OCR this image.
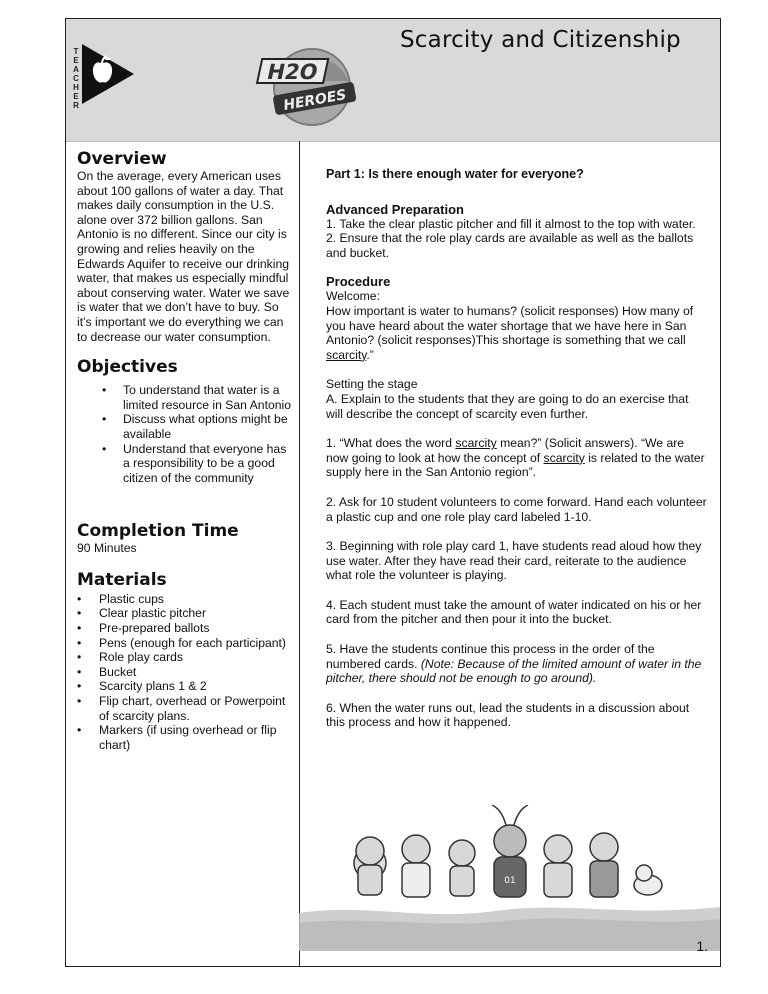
T
E
A
C
H
E
R
H2O
HEROES
Scarcity and Citizenship
Overview

On the average, every American uses about 100 gallons of water a day. That makes daily consumption in the U.S. alone over 372 billion gallons. San Antonio is no different. Since our city is growing and relies heavily on the Edwards Aquifer to receive our drinking water, that makes us especially mindful about conserving water. Water we save is water that we don’t have to buy. So it’s important we do everything we can to decrease our water consumption.

Objectives
• To understand that water is a limited resource in San Antonio
• Discuss what options might be available
• Understand that everyone has a responsibility to be a good citizen of the community
Completion Time

90 Minutes

Materials
• Plastic cups
• Clear plastic pitcher
• Pre-prepared ballots
• Pens (enough for each participant)
• Role play cards
• Bucket
• Scarcity plans 1 & 2
• Flip chart, overhead or Powerpoint of scarcity plans.
• Markers (if using overhead or flip chart)

Part 1: Is there enough water for everyone?

Advanced Preparation

1. Take the clear plastic pitcher and fill it almost to the top with water.

2. Ensure that the role play cards are available as well as the ballots and bucket.

Procedure

Welcome:

How important is water to humans? (solicit responses) How many of you have heard about the water shortage that we have here in San Antonio? (solicit responses)This shortage is something that we call scarcity.”

Setting the stage

A. Explain to the students that they are going to do an exercise that will describe the concept of scarcity even further.

1. “What does the word scarcity mean?” (Solicit answers). “We are now going to look at how the concept of scarcity is related to the water supply here in the San Antonio region”.

2. Ask for 10 student volunteers to come forward. Hand each volunteer a plastic cup and one role play card labeled 1-10.

3. Beginning with role play card 1, have students read aloud how they use water. After they have read their card, reiterate to the audience what role the volunteer is playing.

4. Each student must take the amount of water indicated on his or her card from the pitcher and then pour it into the bucket.

5. Have the students continue this process in the order of the numbered cards. (Note: Because of the limited amount of water in the pitcher, there should not be enough to go around).

6. When the water runs out, lead the students in a discussion about this process and how it happened.

01
1.
